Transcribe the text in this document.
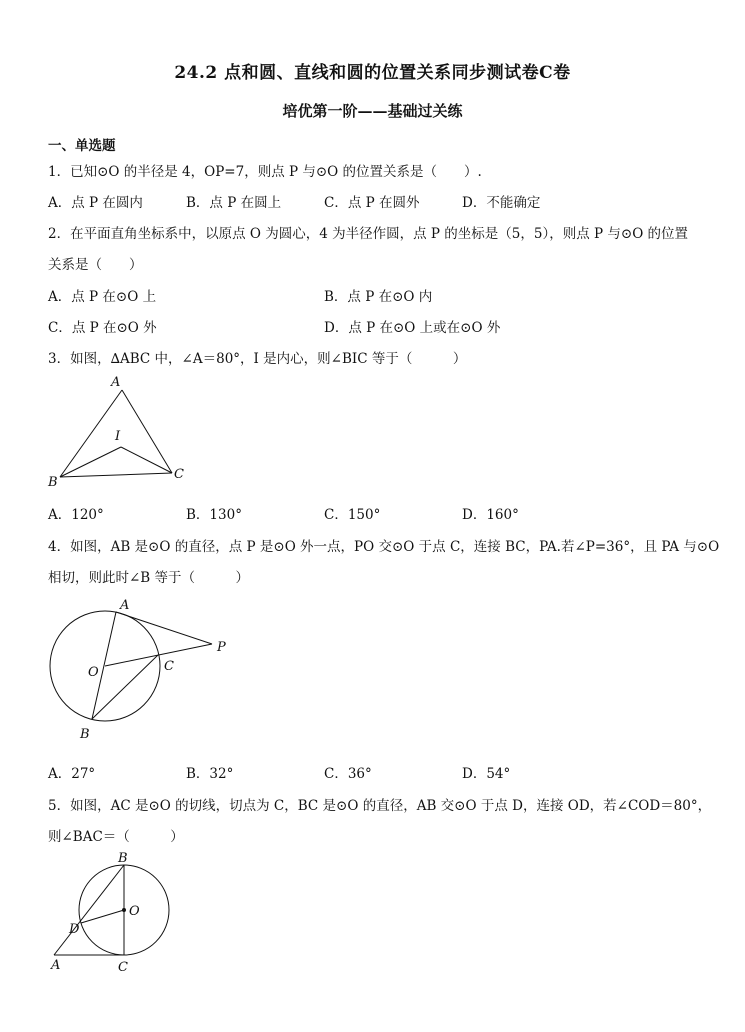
24.2 点和圆、直线和圆的位置关系同步测试卷C卷
培优第一阶——基础过关练
一、单选题
1．已知⊙O 的半径是 4，OP=7，则点 P 与⊙O 的位置关系是（　　）.
A．点 P 在圆内	B．点 P 在圆上	C．点 P 在圆外	D．不能确定
2．在平面直角坐标系中，以原点 O 为圆心，4 为半径作圆，点 P 的坐标是（5，5），则点 P 与⊙O 的位置
关系是（　　）
A．点 P 在⊙O 上	B．点 P 在⊙O 内
C．点 P 在⊙O 外	D．点 P 在⊙O 上或在⊙O 外
3．如图，∆ABC 中，∠A＝80°，I 是内心，则∠BIC 等于（　　　）
A
B
C
I
A．120°	B．130°	C．150°	D．160°
4．如图，AB 是⊙O 的直径，点 P 是⊙O 外一点，PO 交⊙O 于点 C，连接 BC，PA.若∠P=36°，且 PA 与⊙O
相切，则此时∠B 等于（　　　）
A
B
C
O
P
A．27°	B．32°	C．36°	D．54°
5．如图，AC 是⊙O 的切线，切点为 C，BC 是⊙O 的直径，AB 交⊙O 于点 D，连接 OD，若∠COD＝80°，
则∠BAC＝（　　　）
B
C
D
O
A
